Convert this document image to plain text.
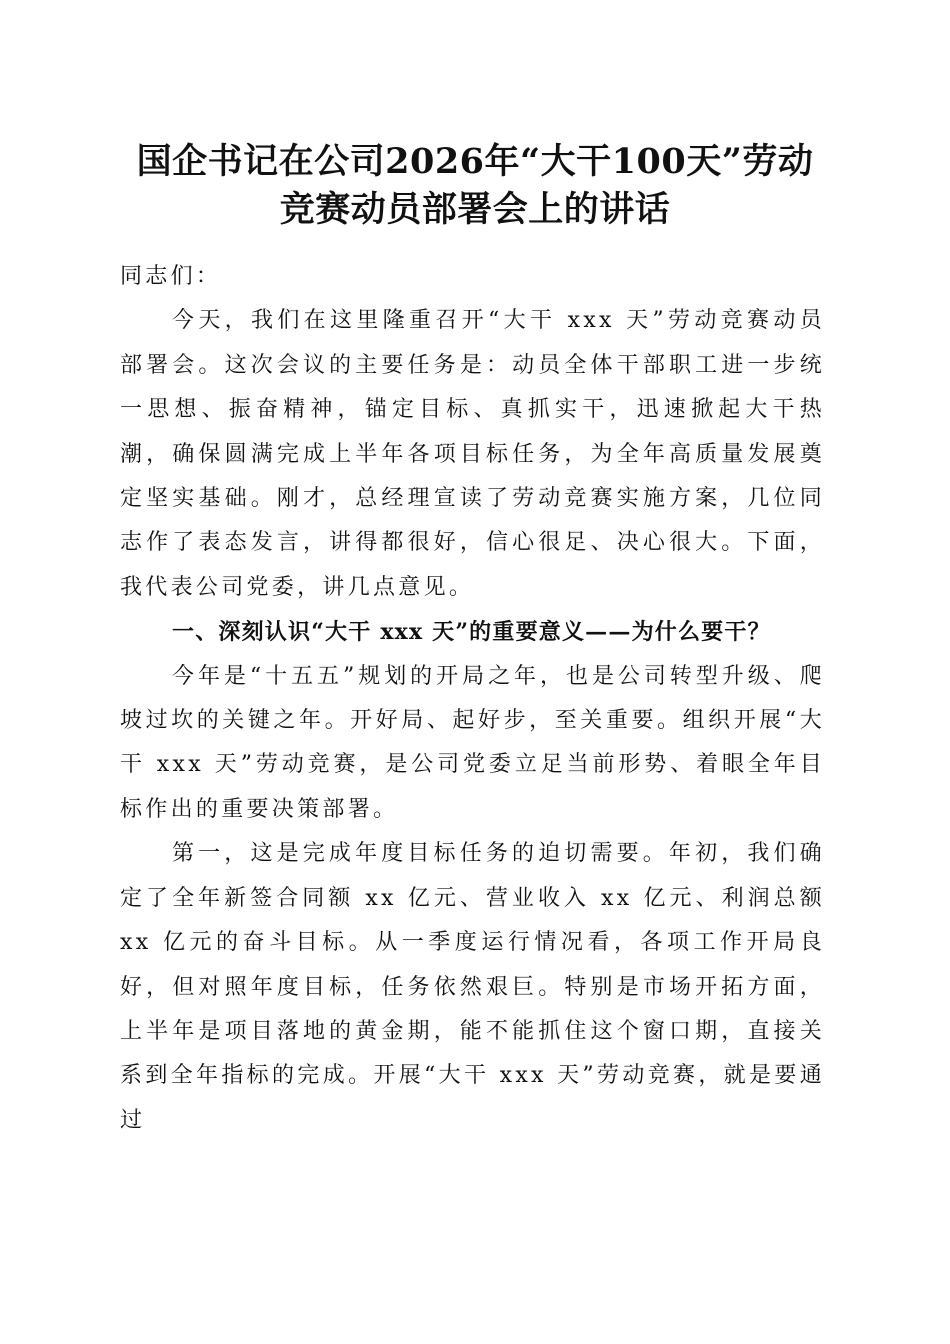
国企书记在公司2026年“大干100天”劳动
竞赛动员部署会上的讲话

同志们：

今天，我们在这里隆重召开“大干 xxx 天”劳动竞赛动员部署会。这次会议的主要任务是：动员全体干部职工进一步统一思想、振奋精神，锚定目标、真抓实干，迅速掀起大干热潮，确保圆满完成上半年各项目标任务，为全年高质量发展奠定坚实基础。刚才，总经理宣读了劳动竞赛实施方案，几位同志作了表态发言，讲得都很好，信心很足、决心很大。下面，我代表公司党委，讲几点意见。

一、深刻认识“大干 xxx 天”的重要意义——为什么要干？

今年是“十五五”规划的开局之年，也是公司转型升级、爬坡过坎的关键之年。开好局、起好步，至关重要。组织开展“大干 xxx 天”劳动竞赛，是公司党委立足当前形势、着眼全年目标作出的重要决策部署。

第一，这是完成年度目标任务的迫切需要。年初，我们确定了全年新签合同额 xx 亿元、营业收入 xx 亿元、利润总额 xx 亿元的奋斗目标。从一季度运行情况看，各项工作开局良好，但对照年度目标，任务依然艰巨。特别是市场开拓方面，上半年是项目落地的黄金期，能不能抓住这个窗口期，直接关系到全年指标的完成。开展“大干 xxx 天”劳动竞赛，就是要通过
